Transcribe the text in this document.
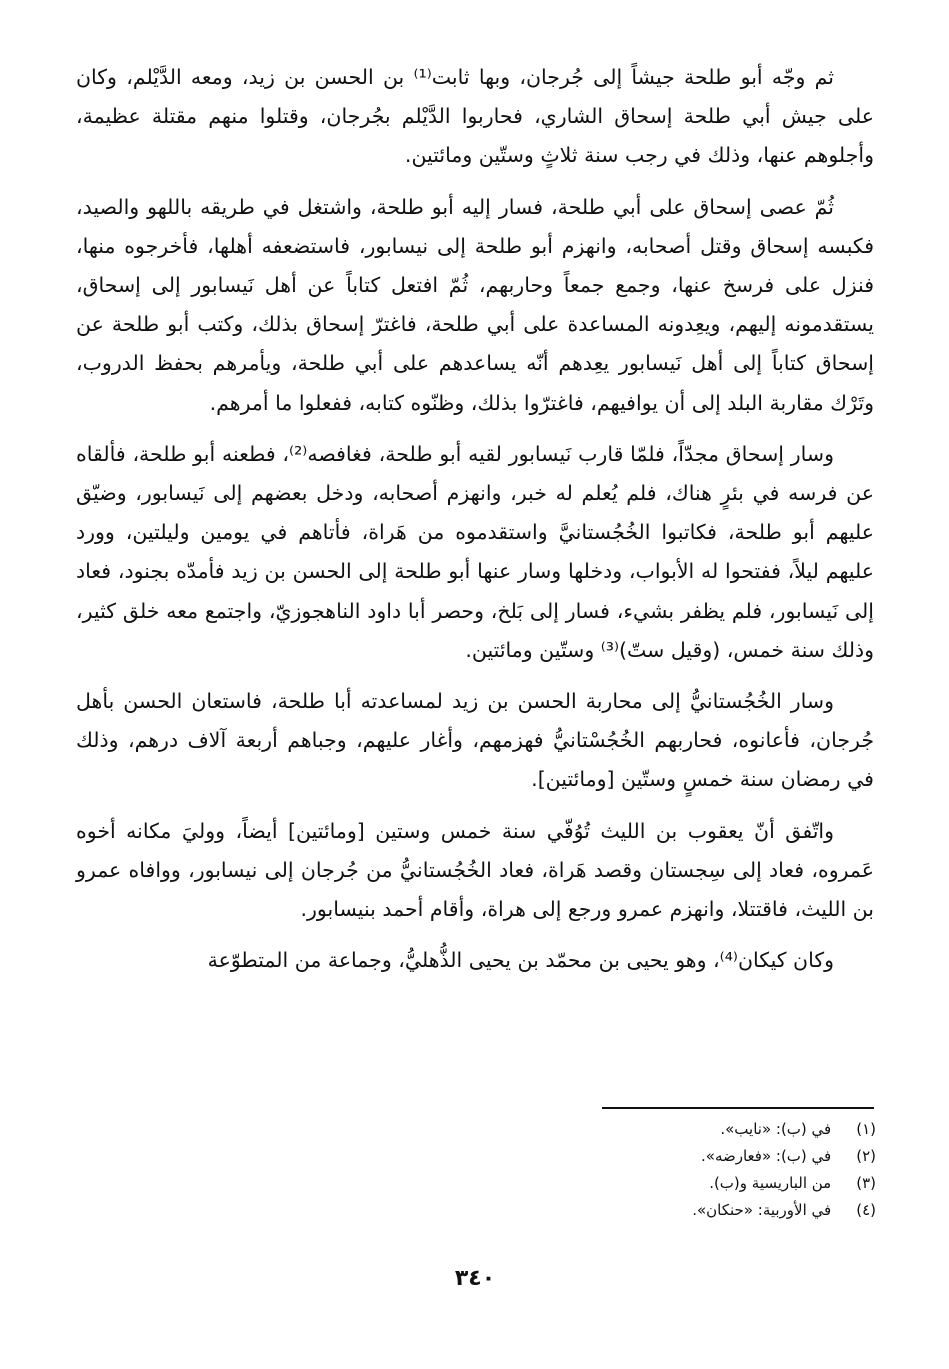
ثم وجّه أبو طلحة جيشاً إلى جُرجان، وبها ثابت⁽¹⁾ بن الحسن بن زيد، ومعه الدَّيْلم، وكان على جيش أبي طلحة إسحاق الشاري، فحاربوا الدَّيْلم بجُرجان، وقتلوا منهم مقتلة عظيمة، وأجلوهم عنها، وذلك في رجب سنة ثلاثٍ وستّين ومائتين.

ثُمّ عصى إسحاق على أبي طلحة، فسار إليه أبو طلحة، واشتغل في طريقه باللهو والصيد، فكبسه إسحاق وقتل أصحابه، وانهزم أبو طلحة إلى نيسابور، فاستضعفه أهلها، فأخرجوه منها، فنزل على فرسخ عنها، وجمع جمعاً وحاربهم، ثُمّ افتعل كتاباً عن أهل نَيسابور إلى إسحاق، يستقدمونه إليهم، ويعِدونه المساعدة على أبي طلحة، فاغترّ إسحاق بذلك، وكتب أبو طلحة عن إسحاق كتاباً إلى أهل نَيسابور يعِدهم أنّه يساعدهم على أبي طلحة، ويأمرهم بحفظ الدروب، وتَرْك مقاربة البلد إلى أن يوافيهم، فاغترّوا بذلك، وظنّوه كتابه، ففعلوا ما أمرهم.

وسار إسحاق مجدّاً، فلمّا قارب نَيسابور لقيه أبو طلحة، فغافصه⁽²⁾، فطعنه أبو طلحة، فألقاه عن فرسه في بئرٍ هناك، فلم يُعلم له خبر، وانهزم أصحابه، ودخل بعضهم إلى نَيسابور، وضيّق عليهم أبو طلحة، فكاتبوا الخُجُستانيَّ واستقدموه من هَراة، فأتاهم في يومين وليلتين، وورد عليهم ليلاً، ففتحوا له الأبواب، ودخلها وسار عنها أبو طلحة إلى الحسن بن زيد فأمدّه بجنود، فعاد إلى نَيسابور، فلم يظفر بشيء، فسار إلى بَلخ، وحصر أبا داود الناهجوزيّ، واجتمع معه خلق كثير، وذلك سنة خمس، (وقيل ستّ)⁽³⁾ وستّين ومائتين.

وسار الخُجُستانيُّ إلى محاربة الحسن بن زيد لمساعدته أبا طلحة، فاستعان الحسن بأهل جُرجان، فأعانوه، فحاربهم الخُجُسْتانيُّ فهزمهم، وأغار عليهم، وجباهم أربعة آلاف درهم، وذلك في رمضان سنة خمسٍ وستّين [ومائتين].

واتّفق أنّ يعقوب بن الليث تُوُفّي سنة خمس وستين [ومائتين] أيضاً، ووليَ مكانه أخوه عَمروه، فعاد إلى سِجستان وقصد هَراة، فعاد الخُجُستانيُّ من جُرجان إلى نيسابور، ووافاه عمرو بن الليث، فاقتتلا، وانهزم عمرو ورجع إلى هراة، وأقام أحمد بنيسابور.

وكان كيكان⁽⁴⁾، وهو يحيى بن محمّد بن يحيى الذُّهليُّ، وجماعة من المتطوّعة

(١) في (ب): «نايب».
(٢) في (ب): «فعارضه».
(٣) من الباريسية و(ب).
(٤) في الأوربية: «حنكان».
٣٤٠
